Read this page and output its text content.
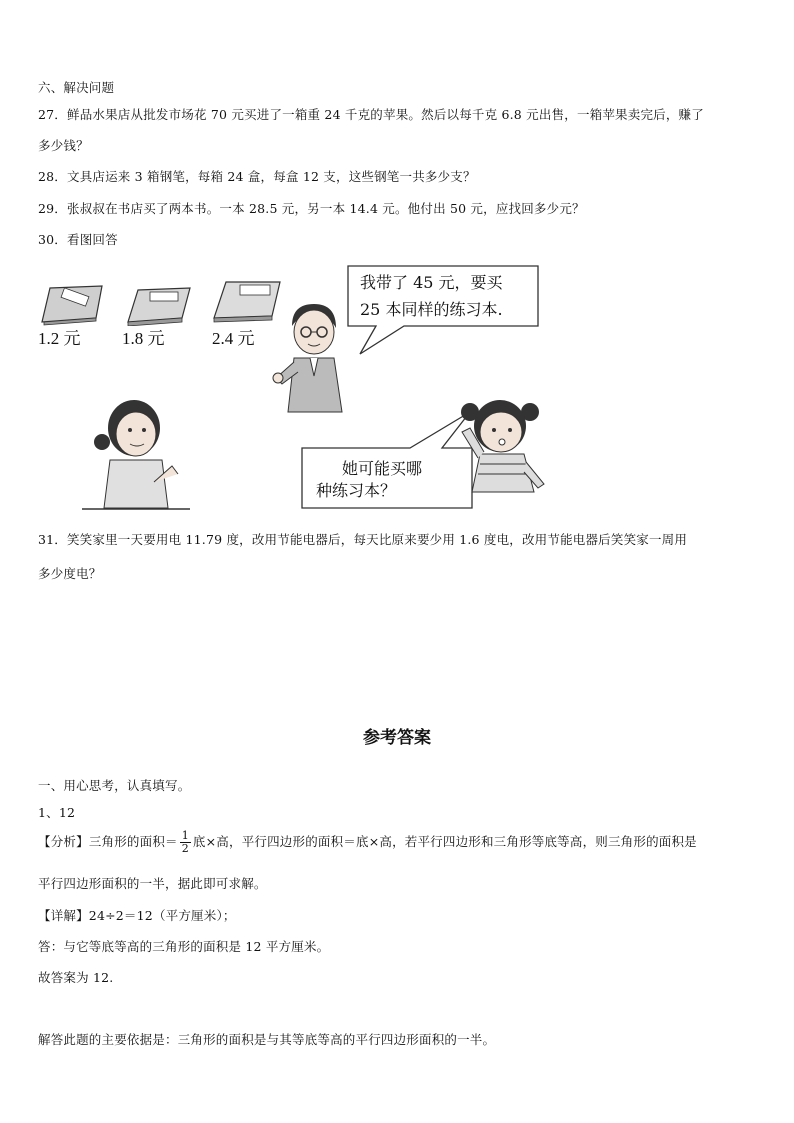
六、解决问题
27．鲜品水果店从批发市场花 70 元买进了一箱重 24 千克的苹果。然后以每千克 6.8 元出售，一箱苹果卖完后，赚了
多少钱？
28．文具店运来 3 箱钢笔，每箱 24 盒，每盒 12 支，这些钢笔一共多少支？
29．张叔叔在书店买了两本书。一本 28.5 元，另一本 14.4 元。他付出 50 元，应找回多少元？
30．看图回答
1.2 元 1.8 元	2.4 元
我带了 45 元，要买
25 本同样的练习本.
她可能买哪
种练习本？
31．笑笑家里一天要用电 11.79 度，改用节能电器后，每天比原来要少用 1.6 度电，改用节能电器后笑笑家一周用
多少度电？
参考答案
一、用心思考，认真填写。
1、12
【分析】三角形的面积＝ $\frac{1}{2}$ 底×高，平行四边形的面积＝底×高，若平行四边形和三角形等底等高，则三角形的面积是
平行四边形面积的一半，据此即可求解。
【详解】24÷2＝12（平方厘米）；
答：与它等底等高的三角形的面积是 12 平方厘米。
故答案为 12.
解答此题的主要依据是：三角形的面积是与其等底等高的平行四边形面积的一半。
